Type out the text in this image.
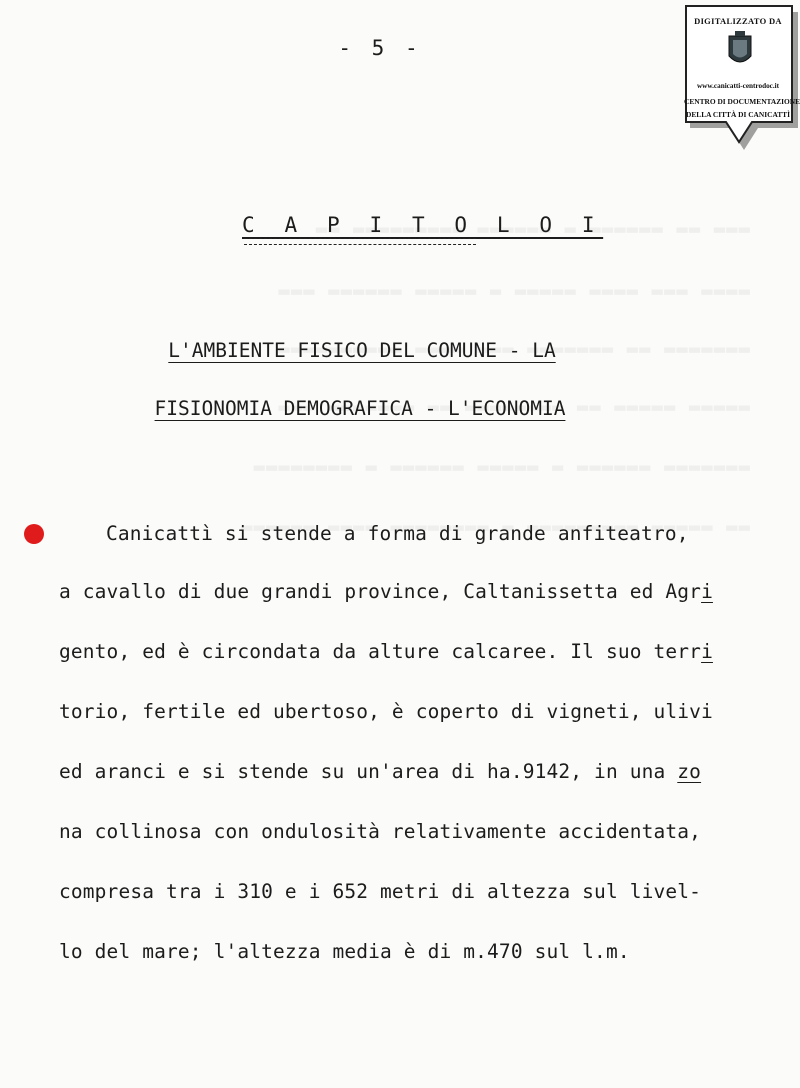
- 5 -
C A P I T O L O I
L'AMBIENTE FISICO DEL COMUNE - LA
FISIONOMIA DEMOGRAFICA - L'ECONOMIA
Canicattì si stende a forma di grande anfiteatro,
a cavallo di due grandi province, Caltanissetta ed Agri
gento, ed è circondata da alture calcaree. Il suo terri
torio, fertile ed ubertoso, è coperto di vigneti, ulivi
ed aranci e si stende su un'area di ha.9142, in una zo
na collinosa con ondulosità relativamente accidentata,
compresa tra i 310 e i 652 metri di altezza sul livel-
lo del mare; l'altezza media è di m.470 sul l.m.
DIGITALIZZATO DA
www.canicatti-centrodoc.it
CENTRO DI DOCUMENTAZIONE
DELLA CITTÀ DI CANICATTÌ
